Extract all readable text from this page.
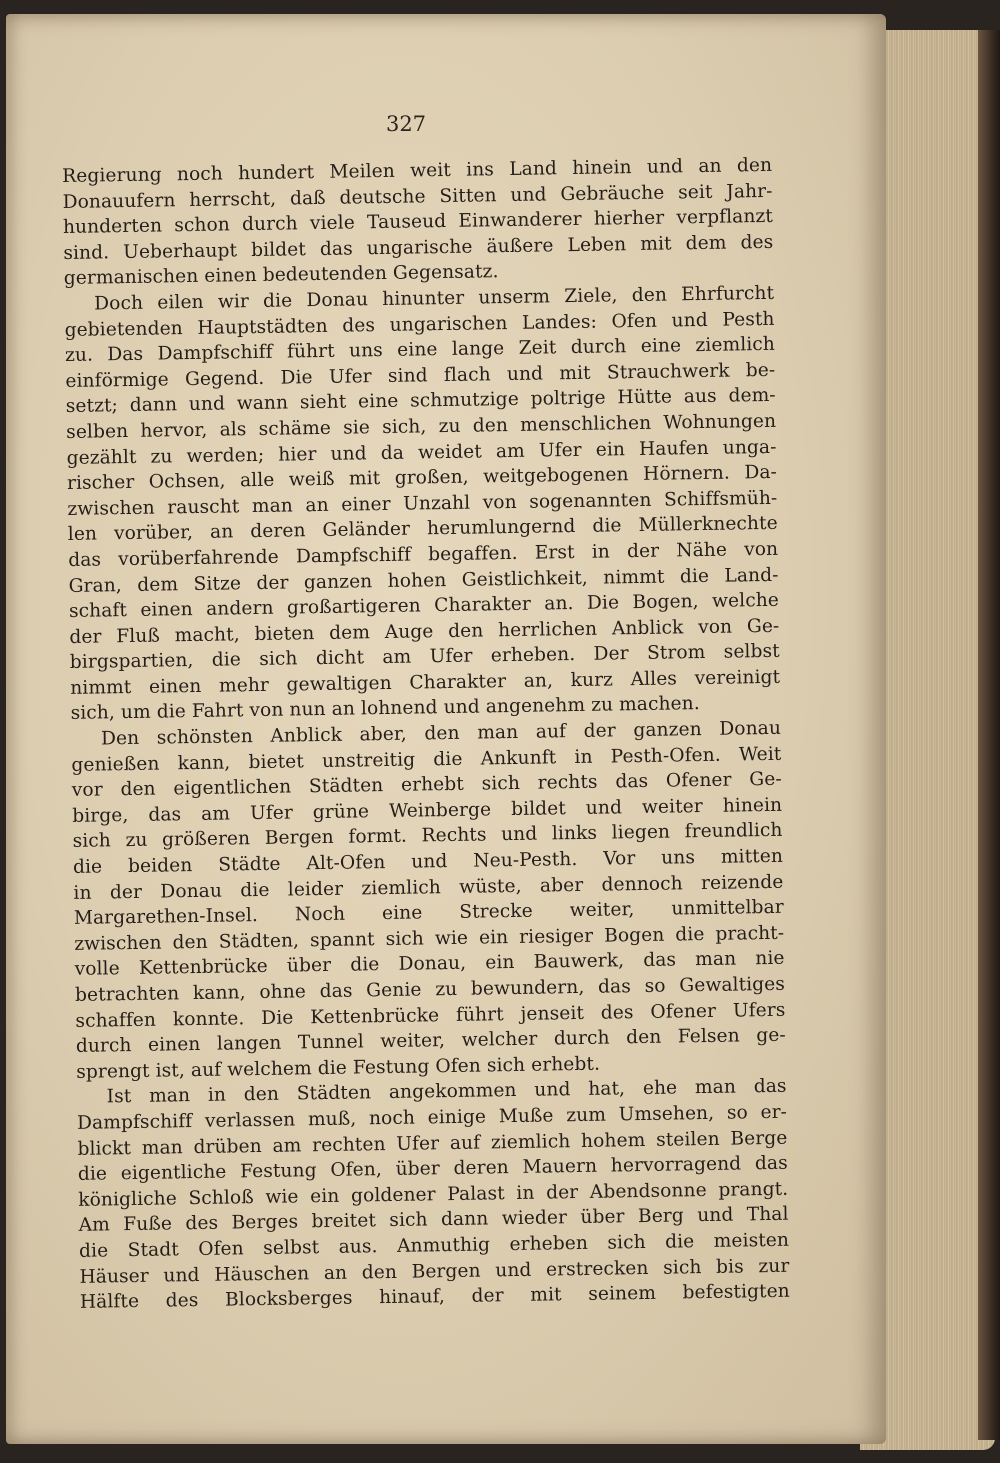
327
Regierung noch hundert Meilen weit ins Land hinein und an den
Donauufern herrscht, daß deutsche Sitten und Gebräuche seit Jahr-
hunderten schon durch viele Tauseud Einwanderer hierher verpflanzt
sind. Ueberhaupt bildet das ungarische äußere Leben mit dem des
germanischen einen bedeutenden Gegensatz.
Doch eilen wir die Donau hinunter unserm Ziele, den Ehrfurcht
gebietenden Hauptstädten des ungarischen Landes: Ofen und Pesth
zu. Das Dampfschiff führt uns eine lange Zeit durch eine ziemlich
einförmige Gegend. Die Ufer sind flach und mit Strauchwerk be-
setzt; dann und wann sieht eine schmutzige poltrige Hütte aus dem-
selben hervor, als schäme sie sich, zu den menschlichen Wohnungen
gezählt zu werden; hier und da weidet am Ufer ein Haufen unga-
rischer Ochsen, alle weiß mit großen, weitgebogenen Hörnern. Da-
zwischen rauscht man an einer Unzahl von sogenannten Schiffsmüh-
len vorüber, an deren Geländer herumlungernd die Müllerknechte
das vorüberfahrende Dampfschiff begaffen. Erst in der Nähe von
Gran, dem Sitze der ganzen hohen Geistlichkeit, nimmt die Land-
schaft einen andern großartigeren Charakter an. Die Bogen, welche
der Fluß macht, bieten dem Auge den herrlichen Anblick von Ge-
birgspartien, die sich dicht am Ufer erheben. Der Strom selbst
nimmt einen mehr gewaltigen Charakter an, kurz Alles vereinigt
sich, um die Fahrt von nun an lohnend und angenehm zu machen.
Den schönsten Anblick aber, den man auf der ganzen Donau
genießen kann, bietet unstreitig die Ankunft in Pesth-Ofen. Weit
vor den eigentlichen Städten erhebt sich rechts das Ofener Ge-
birge, das am Ufer grüne Weinberge bildet und weiter hinein
sich zu größeren Bergen formt. Rechts und links liegen freundlich
die beiden Städte Alt-Ofen und Neu-Pesth. Vor uns mitten
in der Donau die leider ziemlich wüste, aber dennoch reizende
Margarethen-Insel. Noch eine Strecke weiter, unmittelbar
zwischen den Städten, spannt sich wie ein riesiger Bogen die pracht-
volle Kettenbrücke über die Donau, ein Bauwerk, das man nie
betrachten kann, ohne das Genie zu bewundern, das so Gewaltiges
schaffen konnte. Die Kettenbrücke führt jenseit des Ofener Ufers
durch einen langen Tunnel weiter, welcher durch den Felsen ge-
sprengt ist, auf welchem die Festung Ofen sich erhebt.
Ist man in den Städten angekommen und hat, ehe man das
Dampfschiff verlassen muß, noch einige Muße zum Umsehen, so er-
blickt man drüben am rechten Ufer auf ziemlich hohem steilen Berge
die eigentliche Festung Ofen, über deren Mauern hervorragend das
königliche Schloß wie ein goldener Palast in der Abendsonne prangt.
Am Fuße des Berges breitet sich dann wieder über Berg und Thal
die Stadt Ofen selbst aus. Anmuthig erheben sich die meisten
Häuser und Häuschen an den Bergen und erstrecken sich bis zur
Hälfte des Blocksberges hinauf, der mit seinem befestigten
